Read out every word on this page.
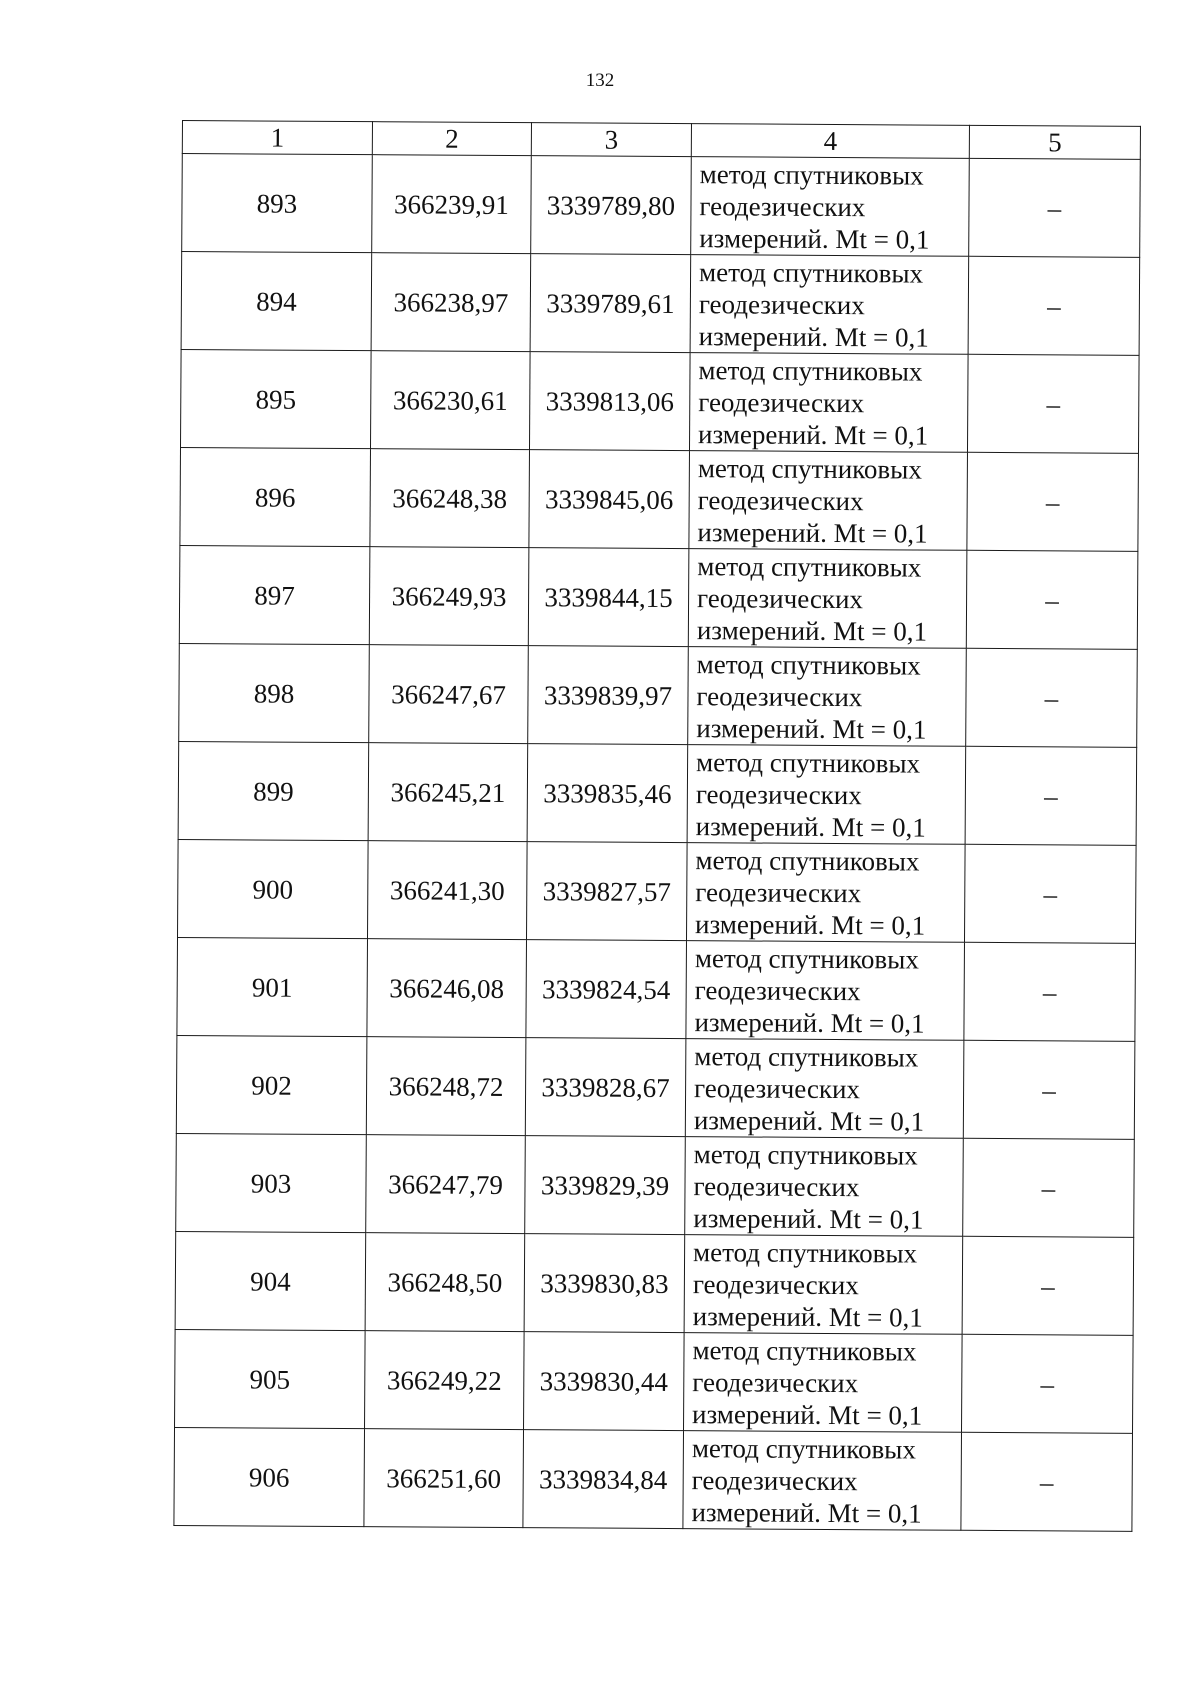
132
1	2	3	4	5
893	366239,91	3339789,80	метод спутниковых
геодезических
измерений. Mt = 0,1	–
894	366238,97	3339789,61	метод спутниковых
геодезических
измерений. Mt = 0,1	–
895	366230,61	3339813,06	метод спутниковых
геодезических
измерений. Mt = 0,1	–
896	366248,38	3339845,06	метод спутниковых
геодезических
измерений. Mt = 0,1	–
897	366249,93	3339844,15	метод спутниковых
геодезических
измерений. Mt = 0,1	–
898	366247,67	3339839,97	метод спутниковых
геодезических
измерений. Mt = 0,1	–
899	366245,21	3339835,46	метод спутниковых
геодезических
измерений. Mt = 0,1	–
900	366241,30	3339827,57	метод спутниковых
геодезических
измерений. Mt = 0,1	–
901	366246,08	3339824,54	метод спутниковых
геодезических
измерений. Mt = 0,1	–
902	366248,72	3339828,67	метод спутниковых
геодезических
измерений. Mt = 0,1	–
903	366247,79	3339829,39	метод спутниковых
геодезических
измерений. Mt = 0,1	–
904	366248,50	3339830,83	метод спутниковых
геодезических
измерений. Mt = 0,1	–
905	366249,22	3339830,44	метод спутниковых
геодезических
измерений. Mt = 0,1	–
906	366251,60	3339834,84	метод спутниковых
геодезических
измерений. Mt = 0,1	–
